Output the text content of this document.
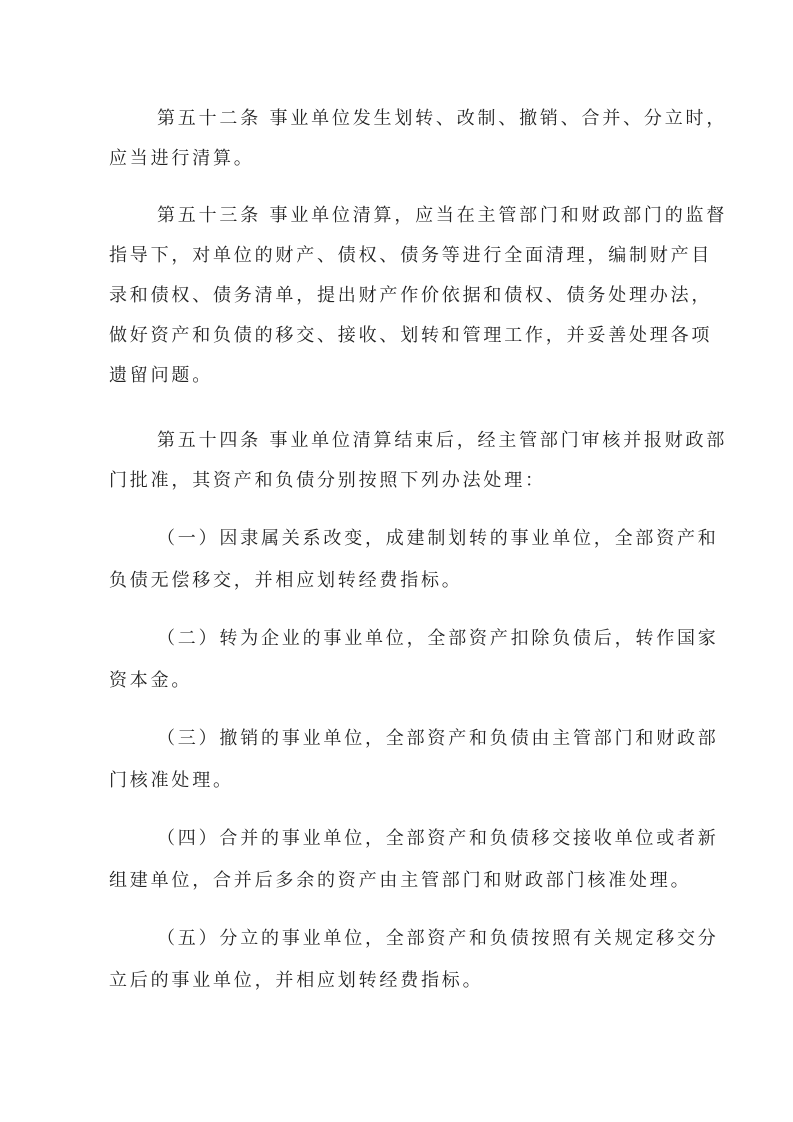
第五十二条 事业单位发生划转、改制、撤销、合并、分立时，

应当进行清算。

第五十三条 事业单位清算，应当在主管部门和财政部门的监督

指导下，对单位的财产、债权、债务等进行全面清理，编制财产目

录和债权、债务清单，提出财产作价依据和债权、债务处理办法，

做好资产和负债的移交、接收、划转和管理工作，并妥善处理各项

遗留问题。

第五十四条 事业单位清算结束后，经主管部门审核并报财政部

门批准，其资产和负债分别按照下列办法处理：

（一）因隶属关系改变，成建制划转的事业单位，全部资产和

负债无偿移交，并相应划转经费指标。

（二）转为企业的事业单位，全部资产扣除负债后，转作国家

资本金。

（三）撤销的事业单位，全部资产和负债由主管部门和财政部

门核准处理。

（四）合并的事业单位，全部资产和负债移交接收单位或者新

组建单位，合并后多余的资产由主管部门和财政部门核准处理。

（五）分立的事业单位，全部资产和负债按照有关规定移交分

立后的事业单位，并相应划转经费指标。
